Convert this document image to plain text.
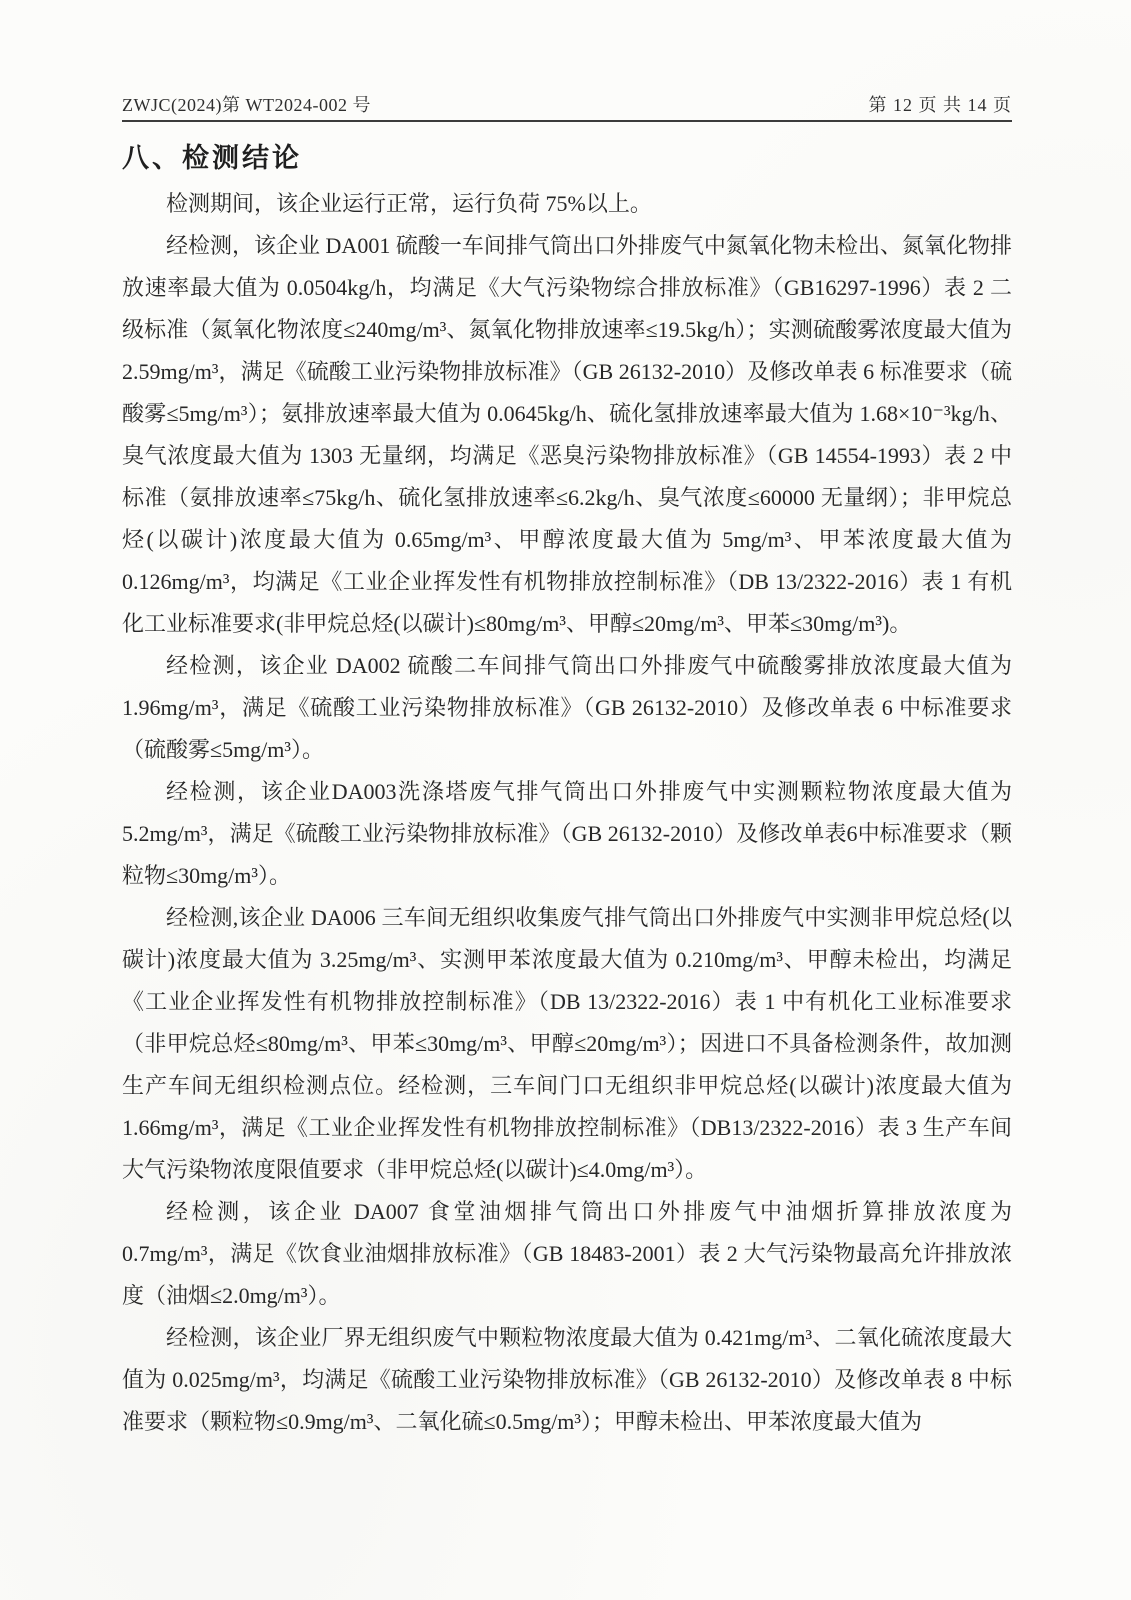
ZWJC(2024)第 WT2024-002 号	第 12 页 共 14 页
八、检测结论

检测期间，该企业运行正常，运行负荷 75%以上。

经检测，该企业 DA001 硫酸一车间排气筒出口外排废气中氮氧化物未检出、氮氧化物排放速率最大值为 0.0504kg/h，均满足《大气污染物综合排放标准》（GB16297-1996）表 2 二级标准（氮氧化物浓度≤240mg/m³、氮氧化物排放速率≤19.5kg/h）；实测硫酸雾浓度最大值为 2.59mg/m³，满足《硫酸工业污染物排放标准》（GB 26132-2010）及修改单表 6 标准要求（硫酸雾≤5mg/m³）；氨排放速率最大值为 0.0645kg/h、硫化氢排放速率最大值为 1.68×10⁻³kg/h、臭气浓度最大值为 1303 无量纲，均满足《恶臭污染物排放标准》（GB 14554-1993）表 2 中标准（氨排放速率≤75kg/h、硫化氢排放速率≤6.2kg/h、臭气浓度≤60000 无量纲）；非甲烷总烃(以碳计)浓度最大值为 0.65mg/m³、甲醇浓度最大值为 5mg/m³、甲苯浓度最大值为 0.126mg/m³，均满足《工业企业挥发性有机物排放控制标准》（DB 13/2322-2016）表 1 有机化工业标准要求(非甲烷总烃(以碳计)≤80mg/m³、甲醇≤20mg/m³、甲苯≤30mg/m³)。

经检测，该企业 DA002 硫酸二车间排气筒出口外排废气中硫酸雾排放浓度最大值为 1.96mg/m³，满足《硫酸工业污染物排放标准》（GB 26132-2010）及修改单表 6 中标准要求（硫酸雾≤5mg/m³）。

经检测，该企业DA003洗涤塔废气排气筒出口外排废气中实测颗粒物浓度最大值为 5.2mg/m³，满足《硫酸工业污染物排放标准》（GB 26132-2010）及修改单表6中标准要求（颗粒物≤30mg/m³）。

经检测,该企业 DA006 三车间无组织收集废气排气筒出口外排废气中实测非甲烷总烃(以碳计)浓度最大值为 3.25mg/m³、实测甲苯浓度最大值为 0.210mg/m³、甲醇未检出，均满足《工业企业挥发性有机物排放控制标准》（DB 13/2322-2016）表 1 中有机化工业标准要求（非甲烷总烃≤80mg/m³、甲苯≤30mg/m³、甲醇≤20mg/m³）；因进口不具备检测条件，故加测生产车间无组织检测点位。经检测，三车间门口无组织非甲烷总烃(以碳计)浓度最大值为 1.66mg/m³，满足《工业企业挥发性有机物排放控制标准》（DB13/2322-2016）表 3 生产车间大气污染物浓度限值要求（非甲烷总烃(以碳计)≤4.0mg/m³）。

经检测，该企业 DA007 食堂油烟排气筒出口外排废气中油烟折算排放浓度为 0.7mg/m³，满足《饮食业油烟排放标准》（GB 18483-2001）表 2 大气污染物最高允许排放浓度（油烟≤2.0mg/m³）。

经检测，该企业厂界无组织废气中颗粒物浓度最大值为 0.421mg/m³、二氧化硫浓度最大值为 0.025mg/m³，均满足《硫酸工业污染物排放标准》（GB 26132-2010）及修改单表 8 中标准要求（颗粒物≤0.9mg/m³、二氧化硫≤0.5mg/m³）；甲醇未检出、甲苯浓度最大值为
